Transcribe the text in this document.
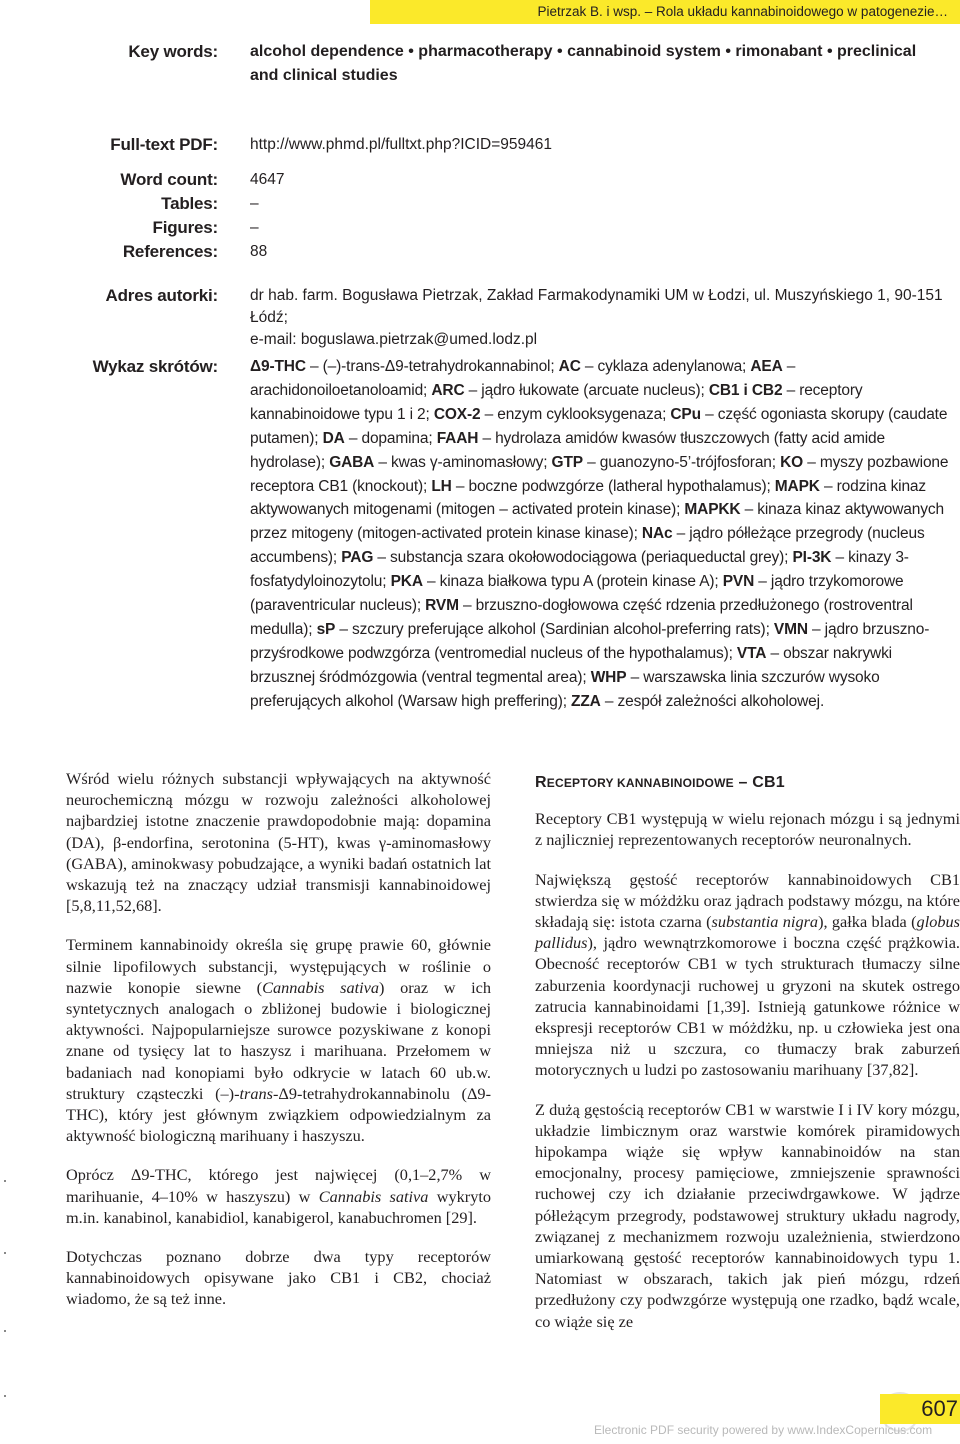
Pietrzak B. i wsp. – Rola układu kannabinoidowego w patogenezie…
Key words: alcohol dependence • pharmacotherapy • cannabinoid system • rimonabant • preclinical
and clinical studies
Full-text PDF: http://www.phmd.pl/fulltxt.php?ICID=959461
Word count: 4647
Tables: –
Figures: –
References: 88
Adres autorki: dr hab. farm. Bogusława Pietrzak, Zakład Farmakodynamiki UM w Łodzi, ul. Muszyńskiego 1, 90-151 Łódź;
e-mail: boguslawa.pietrzak@umed.lodz.pl
Wykaz skrótów: Δ9-THC – (–)-trans-Δ9-tetrahydrokannabinol; AC – cyklaza adenylanowa; AEA – arachidonoiloetanoloamid; ARC – jądro łukowate (arcuate nucleus); CB1 i CB2 – receptory kannabinoidowe typu 1 i 2; COX-2 – enzym cyklooksygenaza; CPu – część ogoniasta skorupy (caudate putamen); DA – dopamina; FAAH – hydrolaza amidów kwasów tłuszczowych (fatty acid amide hydrolase); GABA – kwas γ-aminomasłowy; GTP – guanozyno-5’-trójfosforan; KO – myszy pozbawione receptora CB1 (knockout); LH – boczne podwzgórze (latheral hypothalamus); MAPK – rodzina kinaz aktywowanych mitogenami (mitogen – activated protein kinase); MAPKK – kinaza kinaz aktywowanych przez mitogeny (mitogen-activated protein kinase kinase); NAc – jądro półleżące przegrody (nucleus accumbens); PAG – substancja szara okołowodociągowa (periaqueductal grey); PI-3K – kinazy 3-fosfatydyloinozytolu; PKA – kinaza białkowa typu A (protein kinase A); PVN – jądro trzykomorowe (paraventricular nucleus); RVM – brzuszno-dogłowowa część rdzenia przedłużonego (rostroventral medulla); sP – szczury preferujące alkohol (Sardinian alcohol-preferring rats); VMN – jądro brzuszno-przyśrodkowe podwzgórza (ventromedial nucleus of the hypothalamus); VTA – obszar nakrywki brzusznej śródmózgowia (ventral tegmental area); WHP – warszawska linia szczurów wysoko preferujących alkohol (Warsaw high preffering); ZZA – zespół zależności alkoholowej.

Wśród wielu różnych substancji wpływających na aktywność neurochemiczną mózgu w rozwoju zależności alkoholowej najbardziej istotne znaczenie prawdopodobnie mają: dopamina (DA), β-endorfina, serotonina (5-HT), kwas γ-aminomasłowy (GABA), aminokwasy pobudzające, a wyniki badań ostatnich lat wskazują też na znaczący udział transmisji kannabinoidowej [5,8,11,52,68].

Terminem kannabinoidy określa się grupę prawie 60, głównie silnie lipofilowych substancji, występujących w roślinie o nazwie konopie siewne (Cannabis sativa) oraz w ich syntetycznych analogach o zbliżonej budowie i biologicznej aktywności. Najpopularniejsze surowce pozyskiwane z konopi znane od tysięcy lat to haszysz i marihuana. Przełomem w badaniach nad konopiami było odkrycie w latach 60 ub.w. struktury cząsteczki (–)-trans-Δ9-tetrahydrokannabinolu (Δ9-THC), który jest głównym związkiem odpowiedzialnym za aktywność biologiczną marihuany i haszyszu.

Oprócz Δ9-THC, którego jest najwięcej (0,1–2,7% w marihuanie, 4–10% w haszyszu) w Cannabis sativa wykryto m.in. kanabinol, kanabidiol, kanabigerol, kanabuchromen [29].

Dotychczas poznano dobrze dwa typy receptorów kannabinoidowych opisywane jako CB1 i CB2, chociaż wiadomo, że są też inne.

RECEPTORY KANNABINOIDOWE – CB1

Receptory CB1 występują w wielu rejonach mózgu i są jednymi z najliczniej reprezentowanych receptorów neuronalnych.

Największą gęstość receptorów kannabinoidowych CB1 stwierdza się w móżdżku oraz jądrach podstawy mózgu, na które składają się: istota czarna (substantia nigra), gałka blada (globus pallidus), jądro wewnątrzkomorowe i boczna część prążkowia. Obecność receptorów CB1 w tych strukturach tłumaczy silne zaburzenia koordynacji ruchowej u gryzoni na skutek ostrego zatrucia kannabinoidami [1,39]. Istnieją gatunkowe różnice w ekspresji receptorów CB1 w móżdżku, np. u człowieka jest ona mniejsza niż u szczura, co tłumaczy brak zaburzeń motorycznych u ludzi po zastosowaniu marihuany [37,82].

Z dużą gęstością receptorów CB1 w warstwie I i IV kory mózgu, układzie limbicznym oraz warstwie komórek piramidowych hipokampa wiąże się wpływ kannabinoidów na stan emocjonalny, procesy pamięciowe, zmniejszenie sprawności ruchowej czy ich działanie przeciwdrgawkowe. W jądrze półleżącym przegrody, podstawowej struktury układu nagrody, związanej z mechanizmem rozwoju uzależnienia, stwierdzono umiarkowaną gęstość receptorów kannabinoidowych typu 1. Natomiast w obszarach, takich jak pień mózgu, rdzeń przedłużony czy podwzgórze występują one rzadko, bądź wcale, co wiąże się ze

607
Electronic PDF security powered by www.IndexCopernicus.com
